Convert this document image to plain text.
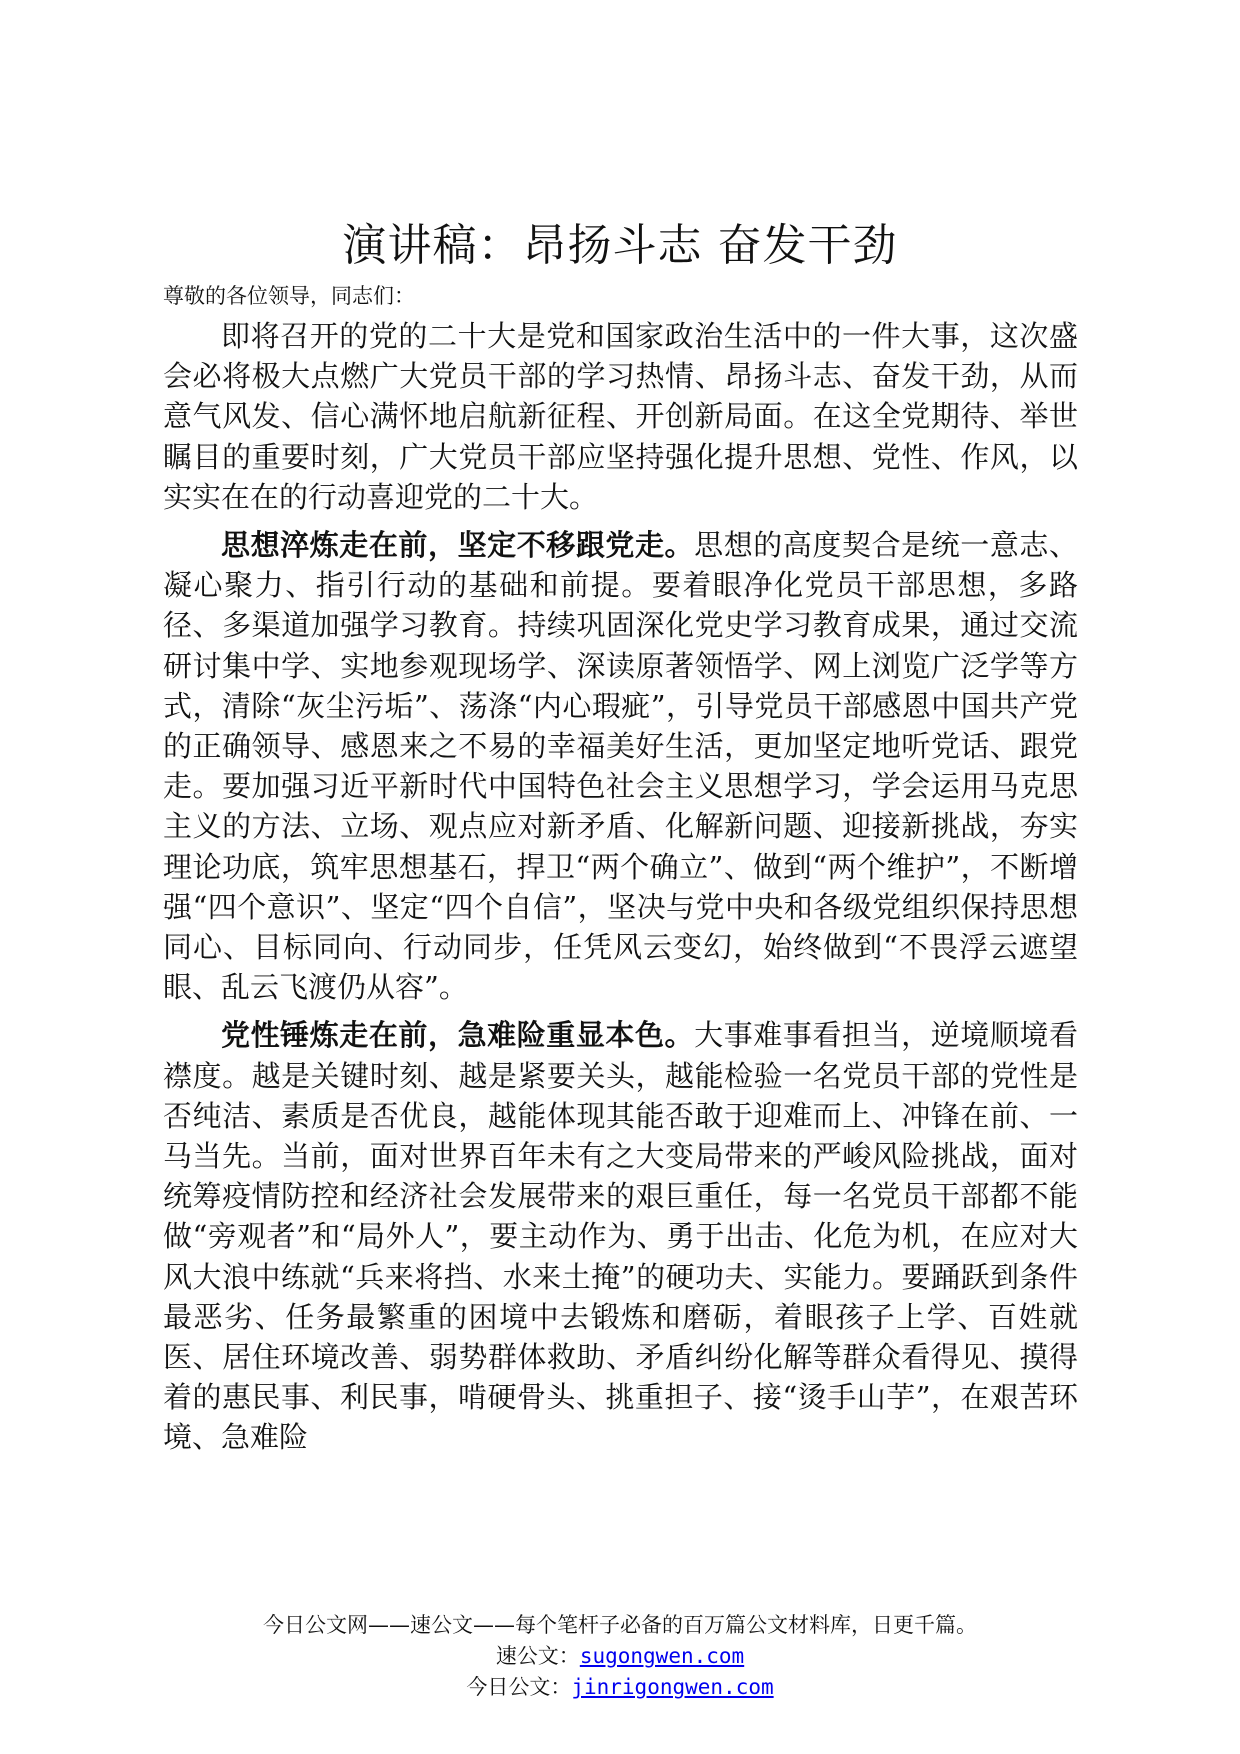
演讲稿：昂扬斗志 奋发干劲

尊敬的各位领导，同志们：

即将召开的党的二十大是党和国家政治生活中的一件大事，这次盛会必将极大点燃广大党员干部的学习热情、昂扬斗志、奋发干劲，从而意气风发、信心满怀地启航新征程、开创新局面。在这全党期待、举世瞩目的重要时刻，广大党员干部应坚持强化提升思想、党性、作风，以实实在在的行动喜迎党的二十大。

思想淬炼走在前，坚定不移跟党走。思想的高度契合是统一意志、凝心聚力、指引行动的基础和前提。要着眼净化党员干部思想，多路径、多渠道加强学习教育。持续巩固深化党史学习教育成果，通过交流研讨集中学、实地参观现场学、深读原著领悟学、网上浏览广泛学等方式，清除“灰尘污垢”、荡涤“内心瑕疵”，引导党员干部感恩中国共产党的正确领导、感恩来之不易的幸福美好生活，更加坚定地听党话、跟党走。要加强习近平新时代中国特色社会主义思想学习，学会运用马克思主义的方法、立场、观点应对新矛盾、化解新问题、迎接新挑战，夯实理论功底，筑牢思想基石，捍卫“两个确立”、做到“两个维护”，不断增强“四个意识”、坚定“四个自信”，坚决与党中央和各级党组织保持思想同心、目标同向、行动同步，任凭风云变幻，始终做到“不畏浮云遮望眼、乱云飞渡仍从容”。

党性锤炼走在前，急难险重显本色。大事难事看担当，逆境顺境看襟度。越是关键时刻、越是紧要关头，越能检验一名党员干部的党性是否纯洁、素质是否优良，越能体现其能否敢于迎难而上、冲锋在前、一马当先。当前，面对世界百年未有之大变局带来的严峻风险挑战，面对统筹疫情防控和经济社会发展带来的艰巨重任，每一名党员干部都不能做“旁观者”和“局外人”，要主动作为、勇于出击、化危为机，在应对大风大浪中练就“兵来将挡、水来土掩”的硬功夫、实能力。要踊跃到条件最恶劣、任务最繁重的困境中去锻炼和磨砺，着眼孩子上学、百姓就医、居住环境改善、弱势群体救助、矛盾纠纷化解等群众看得见、摸得着的惠民事、利民事，啃硬骨头、挑重担子、接“烫手山芋”，在艰苦环境、急难险

今日公文网——速公文——每个笔杆子必备的百万篇公文材料库，日更千篇。
速公文：sugongwen.com
今日公文：jinrigongwen.com
